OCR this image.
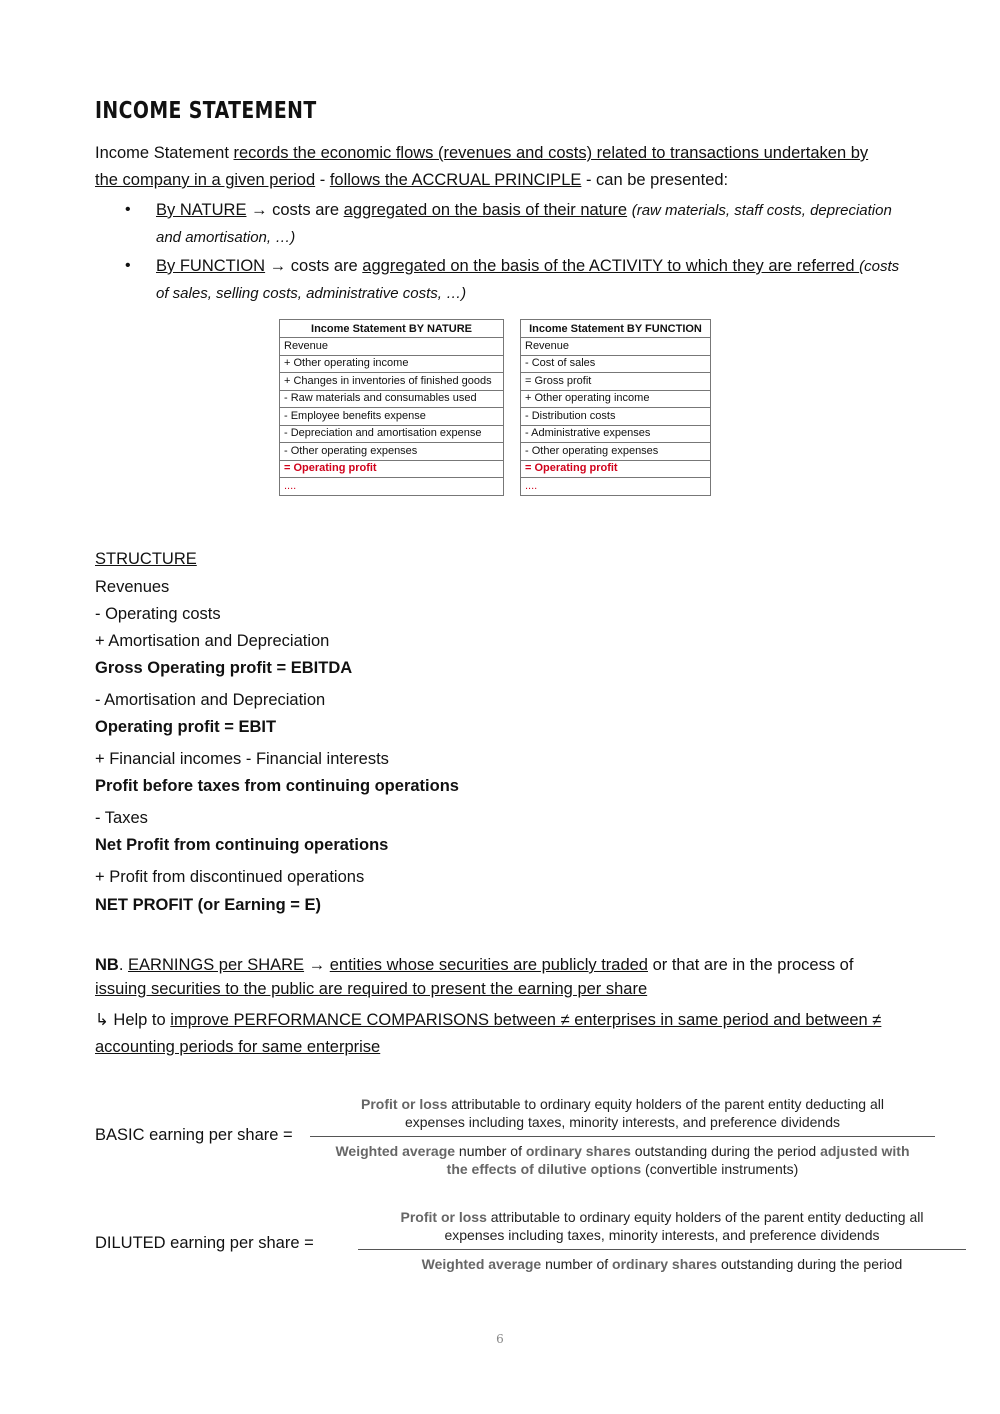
INCOME STATEMENT
Income Statement records the economic flows (revenues and costs) related to transactions undertaken by
the company in a given period - follows the ACCRUAL PRINCIPLE - can be presented:
• By NATURE → costs are aggregated on the basis of their nature (raw materials, staff costs, depreciation and amortisation, …)
• By FUNCTION → costs are aggregated on the basis of the ACTIVITY to which they are referred (costs of sales, selling costs, administrative costs, …)
Income Statement BY NATURE
Revenue
+ Other operating income
+ Changes in inventories of finished goods
- Raw materials and consumables used
- Employee benefits expense
- Depreciation and amortisation expense
- Other operating expenses
= Operating profit
....
Income Statement BY FUNCTION
Revenue
- Cost of sales
= Gross profit
+ Other operating income
- Distribution costs
- Administrative expenses
- Other operating expenses
= Operating profit
....
STRUCTURE
Revenues
- Operating costs
+ Amortisation and Depreciation
Gross Operating profit = EBITDA
- Amortisation and Depreciation
Operating profit = EBIT
+ Financial incomes - Financial interests
Profit before taxes from continuing operations
- Taxes
Net Profit from continuing operations
+ Profit from discontinued operations
NET PROFIT (or Earning = E)
NB. EARNINGS per SHARE → entities whose securities are publicly traded or that are in the process of
issuing securities to the public are required to present the earning per share
↳ Help to improve PERFORMANCE COMPARISONS between ≠ enterprises in same period and between ≠
accounting periods for same enterprise
BASIC earning per share =
Profit or loss attributable to ordinary equity holders of the parent entity deducting all
expenses including taxes, minority interests, and preference dividends
Weighted average number of ordinary shares outstanding during the period adjusted with
the effects of dilutive options (convertible instruments)
DILUTED earning per share =
Profit or loss attributable to ordinary equity holders of the parent entity deducting all
expenses including taxes, minority interests, and preference dividends
Weighted average number of ordinary shares outstanding during the period
6
